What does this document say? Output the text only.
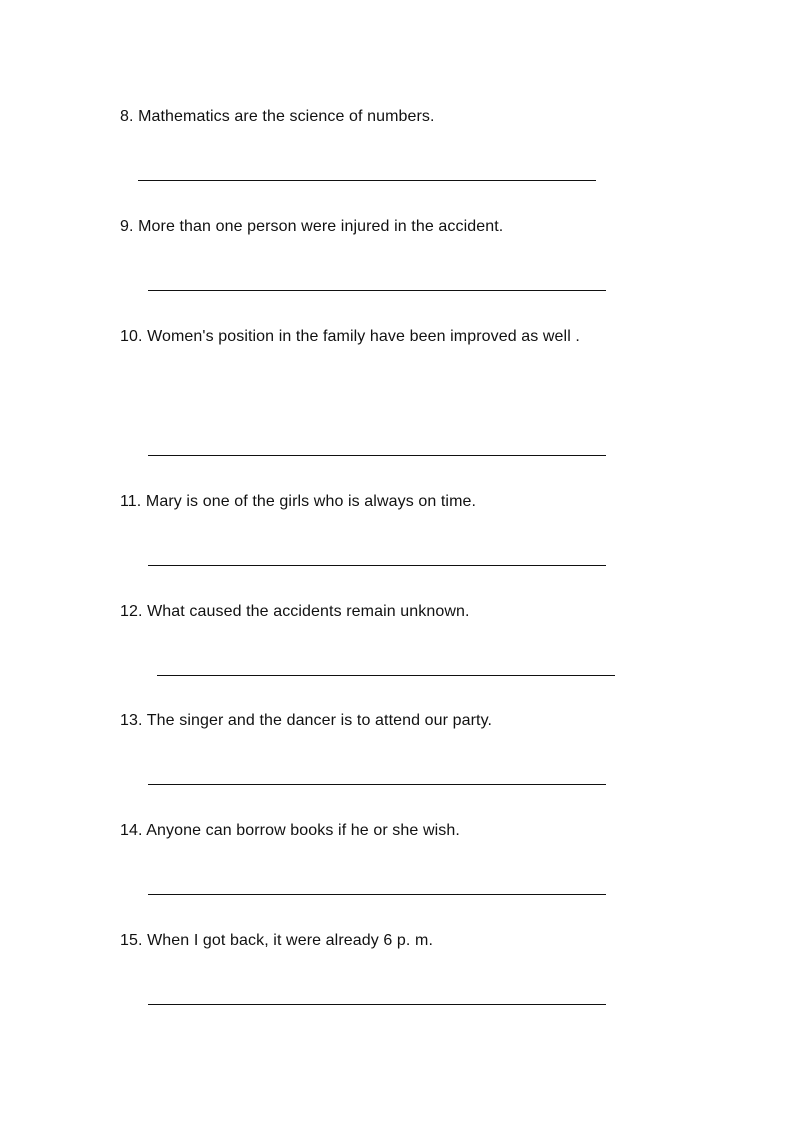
8. Mathematics are the science of numbers.
9. More than one person were injured in the accident.
10. Women's position in the family have been improved as well .
11. Mary is one of the girls who is always on time.
12. What caused the accidents remain unknown.
13. The singer and the dancer is to attend our party.
14. Anyone can borrow books if he or she wish.
15. When I got back, it were already 6 p. m.
